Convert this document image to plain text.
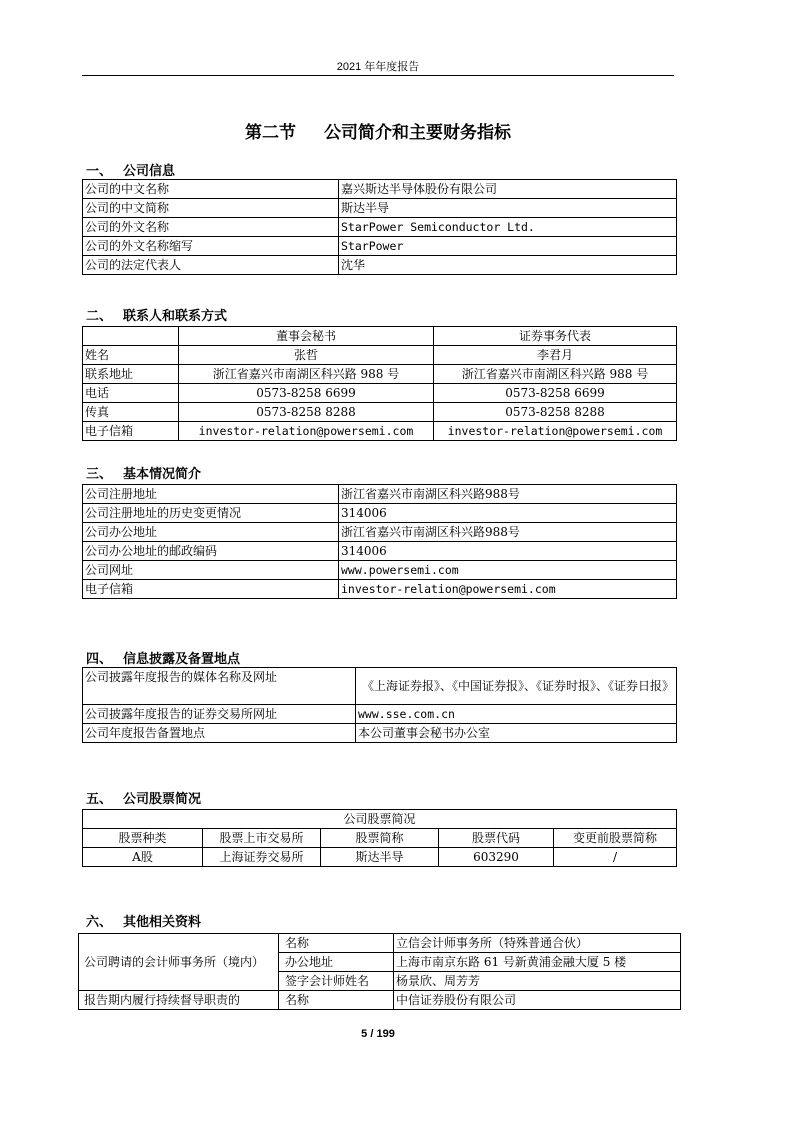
2021 年年度报告
第二节 公司简介和主要财务指标
一、 公司信息
公司的中文名称	嘉兴斯达半导体股份有限公司
公司的中文简称	斯达半导
公司的外文名称	StarPower Semiconductor Ltd.
公司的外文名称缩写	StarPower
公司的法定代表人	沈华
二、 联系人和联系方式
	董事会秘书	证券事务代表
姓名	张哲	李君月
联系地址	浙江省嘉兴市南湖区科兴路 988 号	浙江省嘉兴市南湖区科兴路 988 号
电话	0573-8258 6699	0573-8258 6699
传真	0573-8258 8288	0573-8258 8288
电子信箱	investor-relation@powersemi.com	investor-relation@powersemi.com
三、 基本情况简介
公司注册地址	浙江省嘉兴市南湖区科兴路988号
公司注册地址的历史变更情况	314006
公司办公地址	浙江省嘉兴市南湖区科兴路988号
公司办公地址的邮政编码	314006
公司网址	www.powersemi.com
电子信箱	investor-relation@powersemi.com
四、 信息披露及备置地点
公司披露年度报告的媒体名称及网址	《上海证券报》、《中国证券报》、《证券时报》、《证券日报》
公司披露年度报告的证券交易所网址	www.sse.com.cn
公司年度报告备置地点	本公司董事会秘书办公室
五、 公司股票简况
公司股票简况				
股票种类	股票上市交易所	股票简称	股票代码	变更前股票简称
A股	上海证券交易所	斯达半导	603290	/
六、 其他相关资料
公司聘请的会计师事务所（境内）	名称	立信会计师事务所（特殊普通合伙）
	办公地址	上海市南京东路 61 号新黄浦金融大厦 5 楼
	签字会计师姓名	杨景欣、周芳芳
报告期内履行持续督导职责的	名称	中信证券股份有限公司
5 / 199
